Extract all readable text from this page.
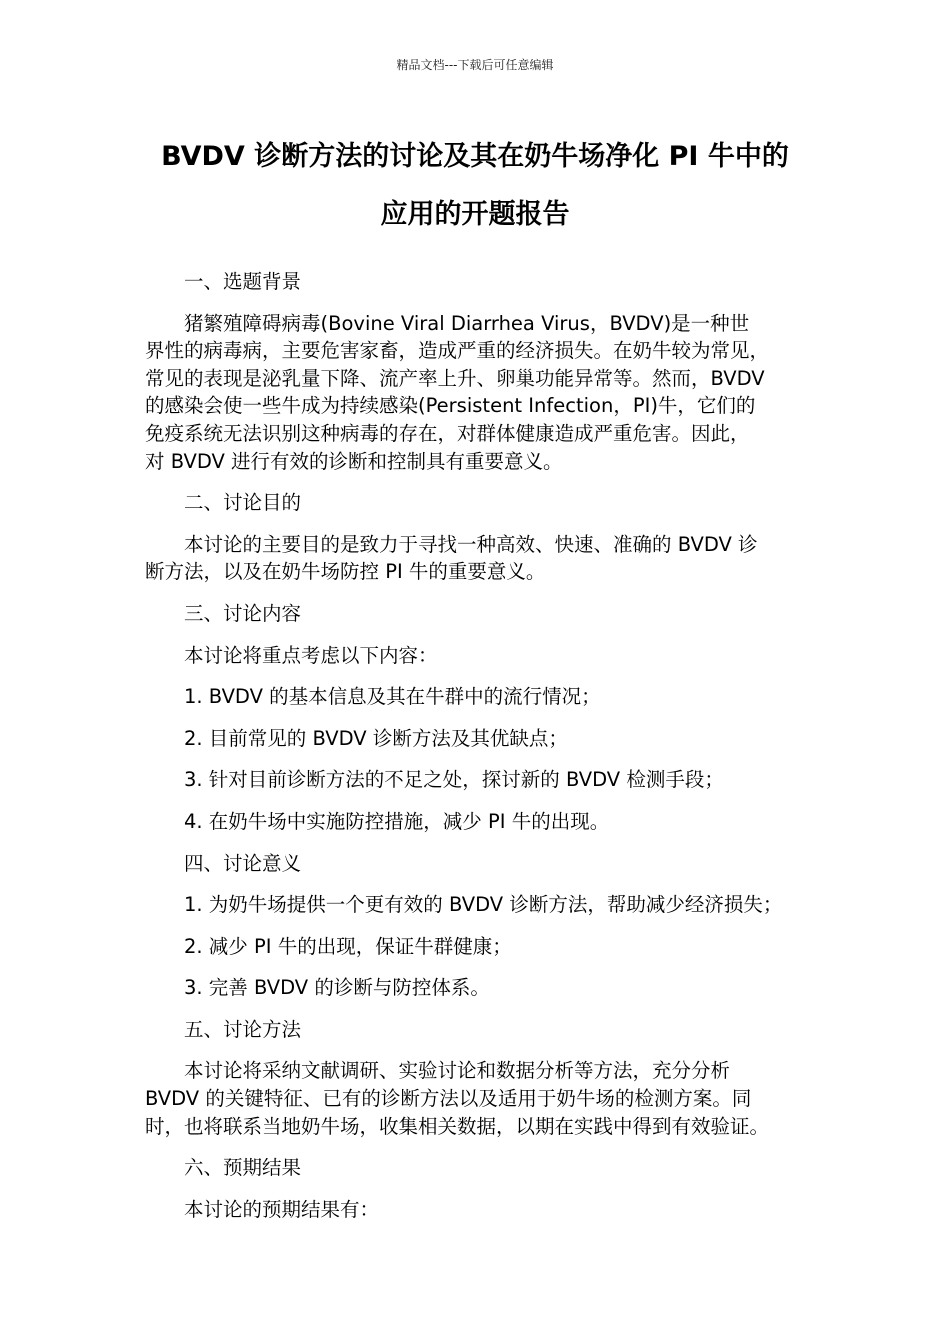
精品文档---下载后可任意编辑
BVDV 诊断方法的讨论及其在奶牛场净化 PI 牛中的
应用的开题报告
一、选题背景
猪繁殖障碍病毒(Bovine Viral Diarrhea Virus，BVDV)是一种世
界性的病毒病，主要危害家畜，造成严重的经济损失。在奶牛较为常见，
常见的表现是泌乳量下降、流产率上升、卵巢功能异常等。然而，BVDV
的感染会使一些牛成为持续感染(Persistent Infection，PI)牛，它们的
免疫系统无法识别这种病毒的存在，对群体健康造成严重危害。因此，
对 BVDV 进行有效的诊断和控制具有重要意义。
二、讨论目的
本讨论的主要目的是致力于寻找一种高效、快速、准确的 BVDV 诊
断方法，以及在奶牛场防控 PI 牛的重要意义。
三、讨论内容
本讨论将重点考虑以下内容：
1. BVDV 的基本信息及其在牛群中的流行情况；
2. 目前常见的 BVDV 诊断方法及其优缺点；
3. 针对目前诊断方法的不足之处，探讨新的 BVDV 检测手段；
4. 在奶牛场中实施防控措施，减少 PI 牛的出现。
四、讨论意义
1. 为奶牛场提供一个更有效的 BVDV 诊断方法，帮助减少经济损失；
2. 减少 PI 牛的出现，保证牛群健康；
3. 完善 BVDV 的诊断与防控体系。
五、讨论方法
本讨论将采纳文献调研、实验讨论和数据分析等方法，充分分析
BVDV 的关键特征、已有的诊断方法以及适用于奶牛场的检测方案。同
时，也将联系当地奶牛场，收集相关数据，以期在实践中得到有效验证。
六、预期结果
本讨论的预期结果有：
